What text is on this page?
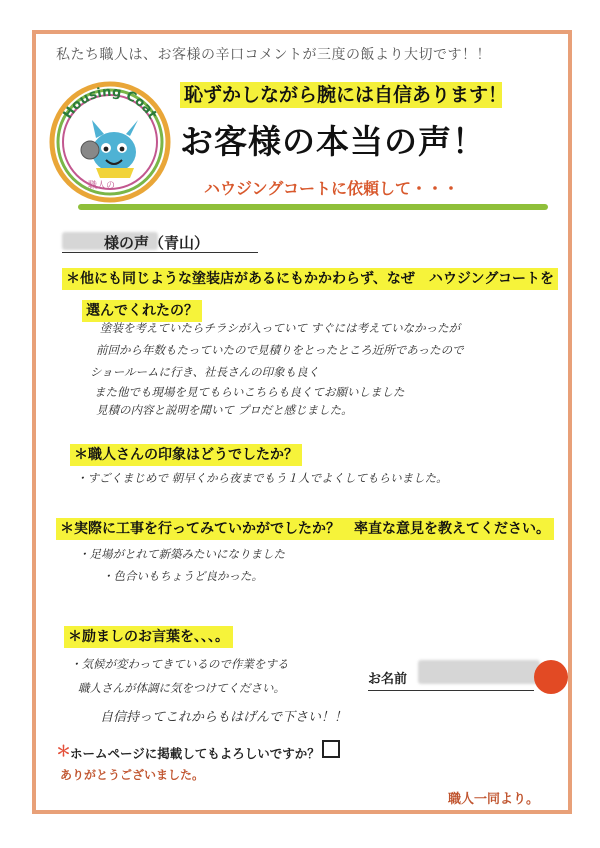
私たち職人は、お客様の辛口コメントが三度の飯より大切です！！
Housing Coat
職人の
恥ずかしながら腕には自信あります！
お客様の本当の声！
ハウジングコートに依頼して・・・
様の声（青山）
＊他にも同じような塗装店があるにもかかわらず、なぜ　ハウジングコートを
選んでくれたの？
塗装を考えていたらチラシが入っていて すぐには考えていなかったが
前回から年数もたっていたので見積りをとったところ近所であったので
ショールームに行き、社長さんの印象も良く
また他でも現場を見てもらいこちらも良くてお願いしました
見積の内容と説明を聞いて プロだと感じました。
＊職人さんの印象はどうでしたか？
・すごくまじめで 朝早くから夜までもう１人でよくしてもらいました。
＊実際に工事を行ってみていかがでしたか？　率直な意見を教えてください。
・足場がとれて新築みたいになりました
・色合いもちょうど良かった。
＊励ましのお言葉を、、、。
・気候が変わってきているので作業をする
職人さんが体調に気をつけてください。
自信持ってこれからもはげんで下さい！！
お名前
＊
ホームページに掲載してもよろしいですか？
ありがとうございました。
職人一同より。
